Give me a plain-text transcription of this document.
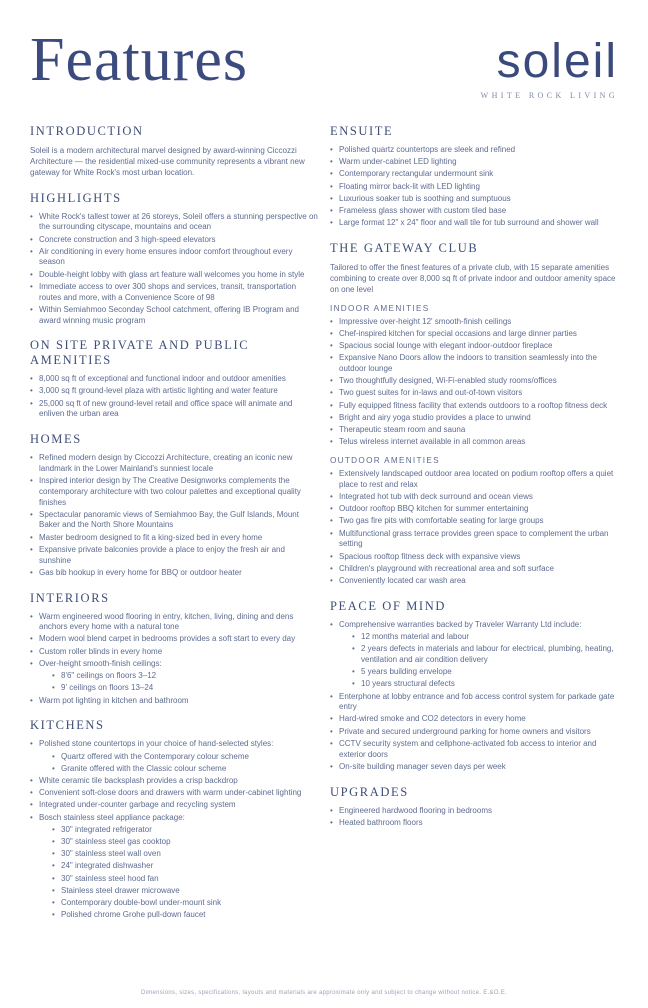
Features	soleil
WHITE ROCK LIVING
INTRODUCTION

Soleil is a modern architectural marvel designed by award-winning Ciccozzi Architecture — the residential mixed-use community represents a vibrant new gateway for White Rock's most urban location.

HIGHLIGHTS
• White Rock's tallest tower at 26 storeys, Soleil offers a stunning perspective on the surrounding cityscape, mountains and ocean
• Concrete construction and 3 high-speed elevators
• Air conditioning in every home ensures indoor comfort throughout every season
• Double-height lobby with glass art feature wall welcomes you home in style
• Immediate access to over 300 shops and services, transit, transportation routes and more, with a Convenience Score of 98
• Within Semiahmoo Seconday School catchment, offering IB Program and award winning music program
ON SITE PRIVATE AND PUBLIC AMENITIES
• 8,000 sq ft of exceptional and functional indoor and outdoor amenities
• 3,000 sq ft ground-level plaza with artistic lighting and water feature
• 25,000 sq ft of new ground-level retail and office space will animate and enliven the urban area
HOMES
• Refined modern design by Ciccozzi Architecture, creating an iconic new landmark in the Lower Mainland's sunniest locale
• Inspired interior design by The Creative Designworks complements the contemporary architecture with two colour palettes and exceptional quality finishes
• Spectacular panoramic views of Semiahmoo Bay, the Gulf Islands, Mount Baker and the North Shore Mountains
• Master bedroom designed to fit a king-sized bed in every home
• Expansive private balconies provide a place to enjoy the fresh air and sunshine
• Gas bib hookup in every home for BBQ or outdoor heater
INTERIORS
• Warm engineered wood flooring in entry, kitchen, living, dining and dens anchors every home with a natural tone
• Modern wool blend carpet in bedrooms provides a soft start to every day
• Custom roller blinds in every home
• Over-height smooth-finish ceilings:
• 8'6" ceilings on floors 3–12
• 9' ceilings on floors 13–24
• Warm pot lighting in kitchen and bathroom
KITCHENS
• Polished stone countertops in your choice of hand-selected styles:
• Quartz offered with the Contemporary colour scheme
• Granite offered with the Classic colour scheme
• White ceramic tile backsplash provides a crisp backdrop
• Convenient soft-close doors and drawers with warm under-cabinet lighting
• Integrated under-counter garbage and recycling system
• Bosch stainless steel appliance package:
• 30" integrated refrigerator
• 30" stainless steel gas cooktop
• 30" stainless steel wall oven
• 24" integrated dishwasher
• 30" stainless steel hood fan
• Stainless steel drawer microwave
• Contemporary double-bowl under-mount sink
• Polished chrome Grohe pull-down faucet
ENSUITE
• Polished quartz countertops are sleek and refined
• Warm under-cabinet LED lighting
• Contemporary rectangular undermount sink
• Floating mirror back-lit with LED lighting
• Luxurious soaker tub is soothing and sumptuous
• Frameless glass shower with custom tiled base
• Large format 12" x 24" floor and wall tile for tub surround and shower wall
THE GATEWAY CLUB

Tailored to offer the finest features of a private club, with 15 separate amenities combining to create over 8,000 sq ft of private indoor and outdoor amenity space on one level

INDOOR AMENITIES
• Impressive over-height 12' smooth-finish ceilings
• Chef-inspired kitchen for special occasions and large dinner parties
• Spacious social lounge with elegant indoor-outdoor fireplace
• Expansive Nano Doors allow the indoors to transition seamlessly into the outdoor lounge
• Two thoughtfully designed, Wi-Fi-enabled study rooms/offices
• Two guest suites for in-laws and out-of-town visitors
• Fully equipped fitness facility that extends outdoors to a rooftop fitness deck
• Bright and airy yoga studio provides a place to unwind
• Therapeutic steam room and sauna
• Telus wireless internet available in all common areas
OUTDOOR AMENITIES
• Extensively landscaped outdoor area located on podium rooftop offers a quiet place to rest and relax
• Integrated hot tub with deck surround and ocean views
• Outdoor rooftop BBQ kitchen for summer entertaining
• Two gas fire pits with comfortable seating for large groups
• Multifunctional grass terrace provides green space to complement the urban setting
• Spacious rooftop fitness deck with expansive views
• Children's playground with recreational area and soft surface
• Conveniently located car wash area
PEACE OF MIND
• Comprehensive warranties backed by Traveler Warranty Ltd include:
• 12 months material and labour
• 2 years defects in materials and labour for electrical, plumbing, heating, ventilation and air condition delivery
• 5 years building envelope
• 10 years structural defects
• Enterphone at lobby entrance and fob access control system for parkade gate entry
• Hard-wired smoke and CO2 detectors in every home
• Private and secured underground parking for home owners and visitors
• CCTV security system and cellphone-activated fob access to interior and exterior doors
• On-site building manager seven days per week
UPGRADES
• Engineered hardwood flooring in bedrooms
• Heated bathroom floors
Dimensions, sizes, specifications, layouts and materials are approximate only and subject to change without notice. E.&O.E.
